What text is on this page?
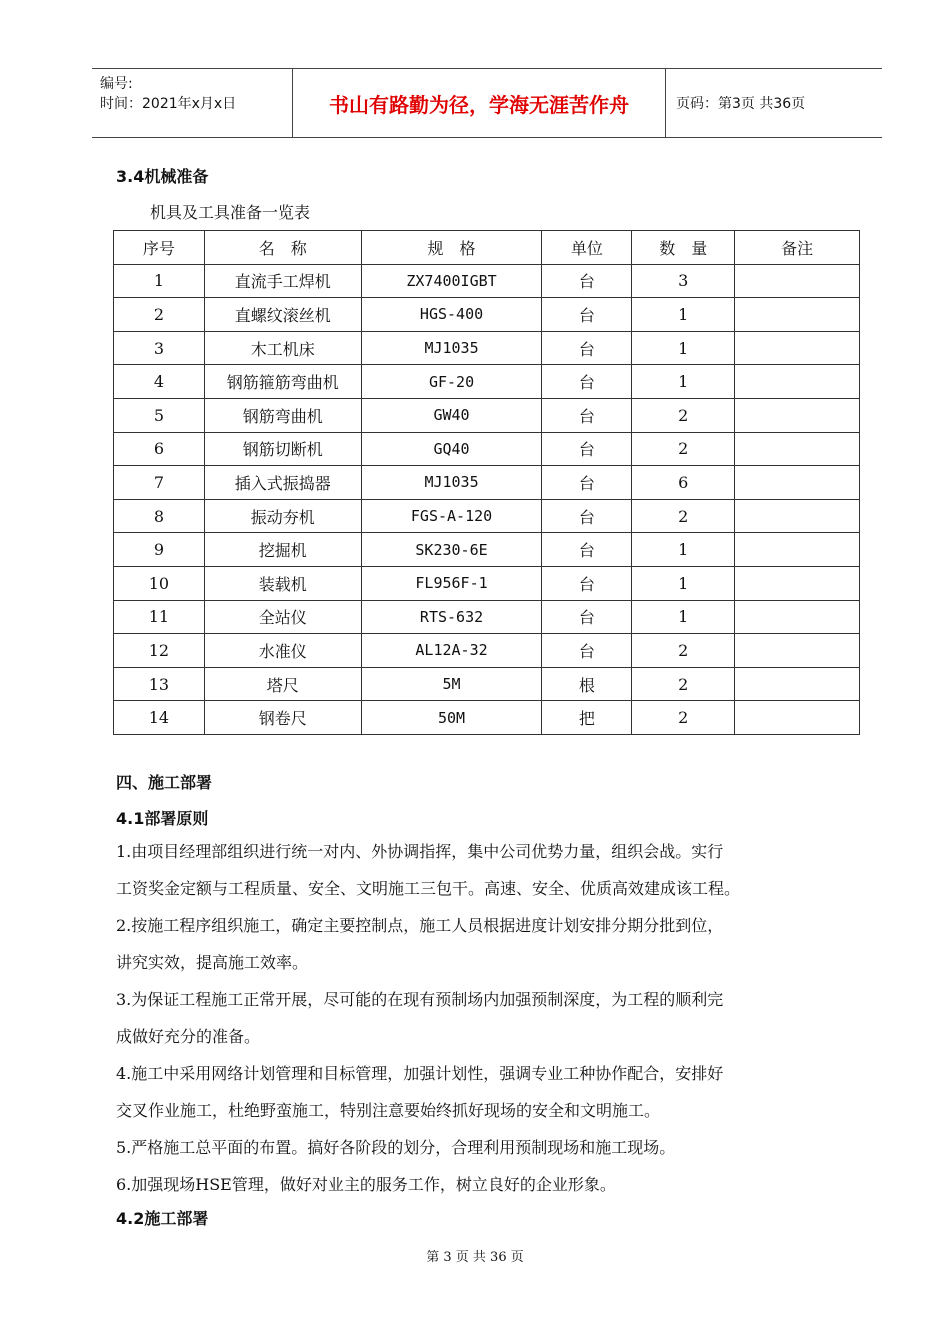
编号:
时间：2021年x月x日	书山有路勤为径，学海无涯苦作舟	页码：第3页 共36页
3.4机械准备
机具及工具准备一览表
序号	名　称	规　格	单位	数　量	备注
1	直流手工焊机	ZX7400IGBT	台	3	
2	直螺纹滚丝机	HGS-400	台	1	
3	木工机床	MJ1035	台	1	
4	钢筋箍筋弯曲机	GF-20	台	1	
5	钢筋弯曲机	GW40	台	2	
6	钢筋切断机	GQ40	台	2	
7	插入式振捣器	MJ1035	台	6	
8	振动夯机	FGS-A-120	台	2	
9	挖掘机	SK230-6E	台	1	
10	装载机	FL956F-1	台	1	
11	全站仪	RTS-632	台	1	
12	水准仪	AL12A-32	台	2	
13	塔尺	5M	根	2	
14	钢卷尺	50M	把	2	
四、施工部署
4.1部署原则
1.由项目经理部组织进行统一对内、外协调指挥，集中公司优势力量，组织会战。实行
工资奖金定额与工程质量、安全、文明施工三包干。高速、安全、优质高效建成该工程。
2.按施工程序组织施工，确定主要控制点，施工人员根据进度计划安排分期分批到位，
讲究实效，提高施工效率。
3.为保证工程施工正常开展，尽可能的在现有预制场内加强预制深度，为工程的顺利完
成做好充分的准备。
4.施工中采用网络计划管理和目标管理，加强计划性，强调专业工种协作配合，安排好
交叉作业施工，杜绝野蛮施工，特别注意要始终抓好现场的安全和文明施工。
5.严格施工总平面的布置。搞好各阶段的划分，合理利用预制现场和施工现场。
6.加强现场HSE管理，做好对业主的服务工作，树立良好的企业形象。
4.2施工部署
第 3 页 共 36 页
